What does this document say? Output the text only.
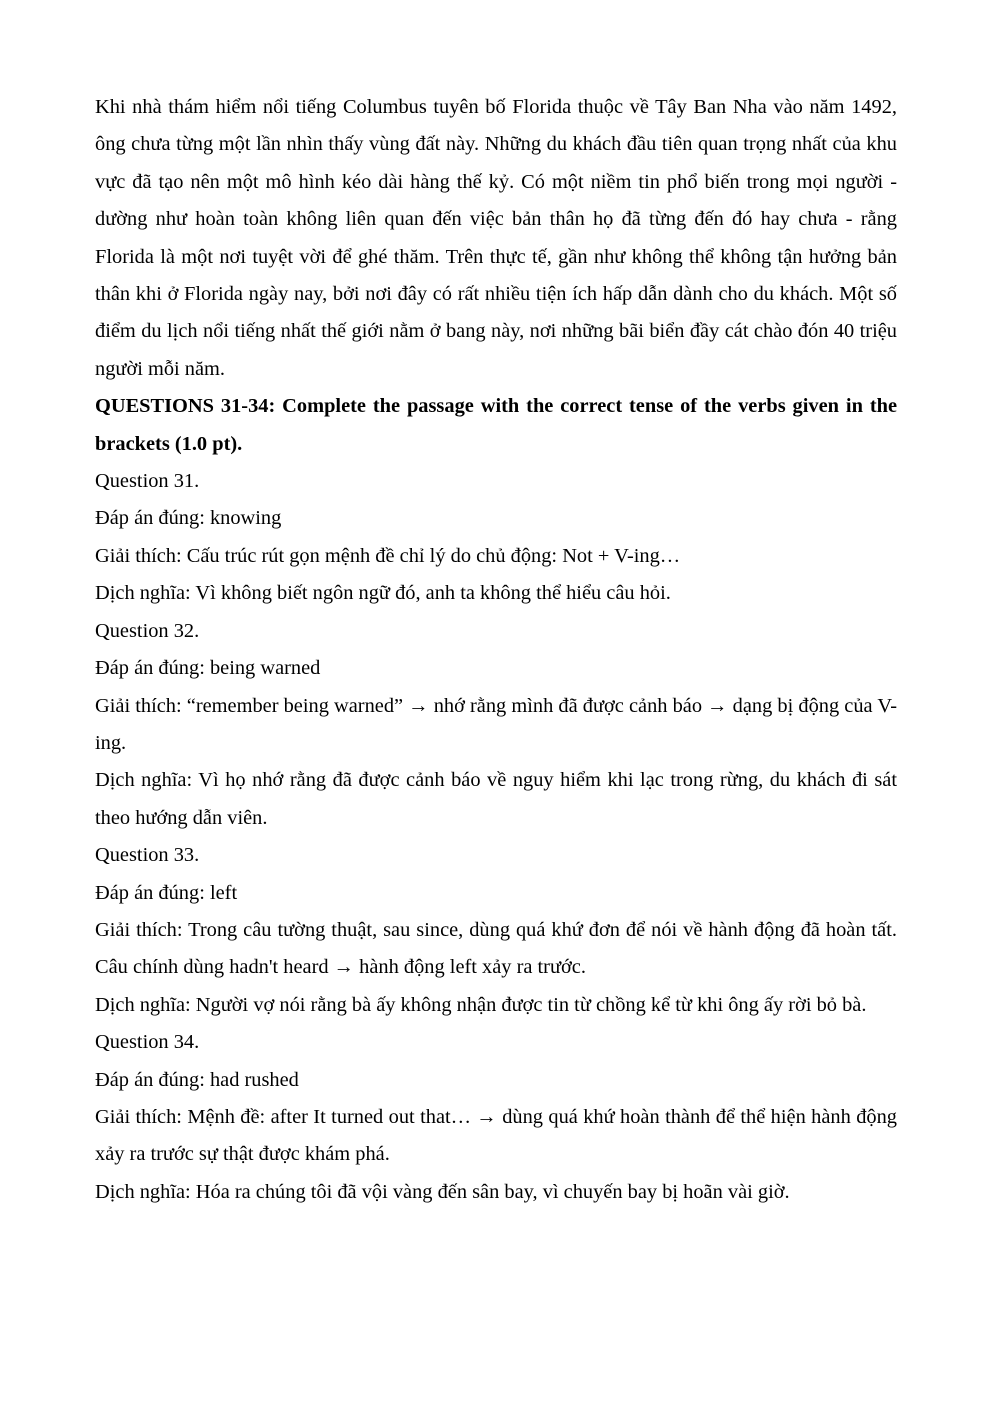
Khi nhà thám hiểm nổi tiếng Columbus tuyên bố Florida thuộc về Tây Ban Nha vào năm 1492, ông chưa từng một lần nhìn thấy vùng đất này. Những du khách đầu tiên quan trọng nhất của khu vực đã tạo nên một mô hình kéo dài hàng thế kỷ. Có một niềm tin phổ biến trong mọi người - dường như hoàn toàn không liên quan đến việc bản thân họ đã từng đến đó hay chưa - rằng Florida là một nơi tuyệt vời để ghé thăm. Trên thực tế, gần như không thể không tận hưởng bản thân khi ở Florida ngày nay, bởi nơi đây có rất nhiều tiện ích hấp dẫn dành cho du khách. Một số điểm du lịch nổi tiếng nhất thế giới nằm ở bang này, nơi những bãi biển đầy cát chào đón 40 triệu người mỗi năm.

QUESTIONS 31-34: Complete the passage with the correct tense of the verbs given in the brackets (1.0 pt).

Question 31.

Đáp án đúng: knowing

Giải thích: Cấu trúc rút gọn mệnh đề chỉ lý do chủ động: Not + V-ing…

Dịch nghĩa: Vì không biết ngôn ngữ đó, anh ta không thể hiểu câu hỏi.

Question 32.

Đáp án đúng: being warned

Giải thích: “remember being warned” → nhớ rằng mình đã được cảnh báo → dạng bị động của V-ing.

Dịch nghĩa: Vì họ nhớ rằng đã được cảnh báo về nguy hiểm khi lạc trong rừng, du khách đi sát theo hướng dẫn viên.

Question 33.

Đáp án đúng: left

Giải thích: Trong câu tường thuật, sau since, dùng quá khứ đơn để nói về hành động đã hoàn tất. Câu chính dùng hadn't heard → hành động left xảy ra trước.

Dịch nghĩa: Người vợ nói rằng bà ấy không nhận được tin từ chồng kể từ khi ông ấy rời bỏ bà.

Question 34.

Đáp án đúng: had rushed

Giải thích: Mệnh đề: after It turned out that… → dùng quá khứ hoàn thành để thể hiện hành động xảy ra trước sự thật được khám phá.

Dịch nghĩa: Hóa ra chúng tôi đã vội vàng đến sân bay, vì chuyến bay bị hoãn vài giờ.
